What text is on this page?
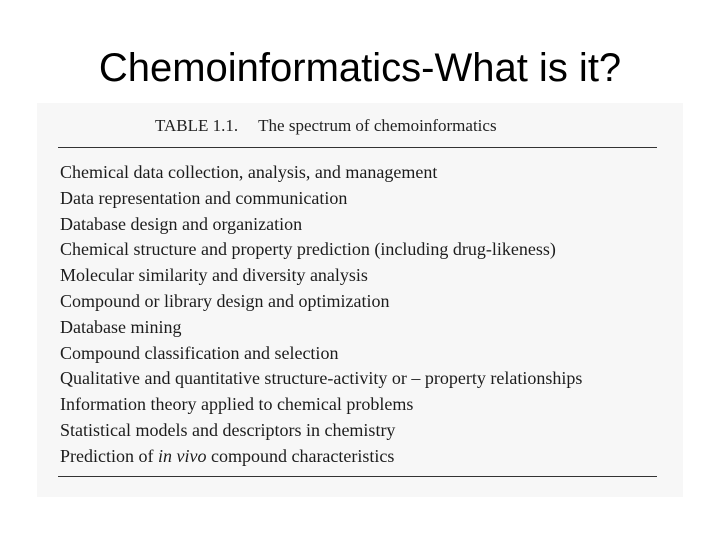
Chemoinformatics-What is it?
TABLE 1.1. The spectrum of chemoinformatics
Chemical data collection, analysis, and management
Data representation and communication
Database design and organization
Chemical structure and property prediction (including drug-likeness)
Molecular similarity and diversity analysis
Compound or library design and optimization
Database mining
Compound classification and selection
Qualitative and quantitative structure-activity or – property relationships
Information theory applied to chemical problems
Statistical models and descriptors in chemistry
Prediction of in vivo compound characteristics
